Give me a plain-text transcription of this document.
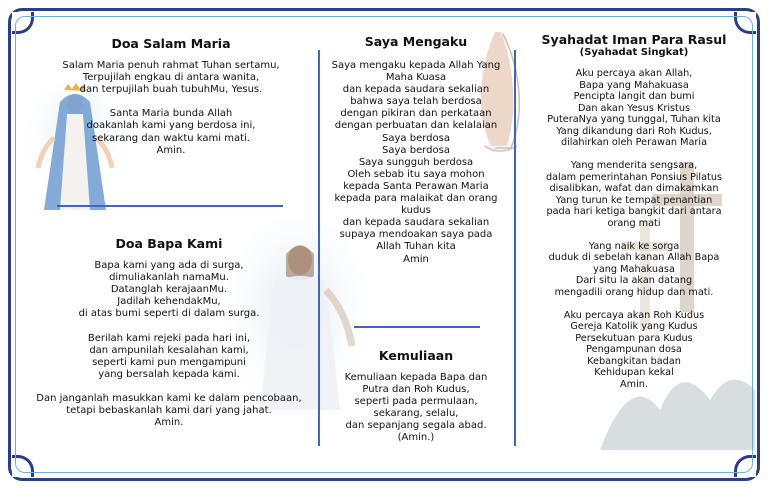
Doa Salam Maria
Salam Maria penuh rahmat Tuhan sertamu,
Terpujilah engkau di antara wanita,
dan terpujilah buah tubuhMu, Yesus.

Santa Maria bunda Allah
doakanlah kami yang berdosa ini,
sekarang dan waktu kami mati.
Amin.
Doa Bapa Kami
Bapa kami yang ada di surga,
dimuliakanlah namaMu.
Datanglah kerajaanMu.
Jadilah kehendakMu,
di atas bumi seperti di dalam surga.

Berilah kami rejeki pada hari ini,
dan ampunilah kesalahan kami,
seperti kami pun mengampuni
yang bersalah kepada kami.

Dan janganlah masukkan kami ke dalam pencobaan,
tetapi bebaskanlah kami dari yang jahat.
Amin.
Saya Mengaku
Saya mengaku kepada Allah Yang
Maha Kuasa
dan kepada saudara sekalian
bahwa saya telah berdosa
dengan pikiran dan perkataan
dengan perbuatan dan kelalaian
Saya berdosa
Saya berdosa
Saya sungguh berdosa
Oleh sebab itu saya mohon
kepada Santa Perawan Maria
kepada para malaikat dan orang
kudus
dan kepada saudara sekalian
supaya mendoakan saya pada
Allah Tuhan kita
Amin
Kemuliaan
Kemuliaan kepada Bapa dan
Putra dan Roh Kudus,
seperti pada permulaan,
sekarang, selalu,
dan sepanjang segala abad.
(Amin.)
Syahadat Iman Para Rasul
(Syahadat Singkat)
Aku percaya akan Allah,
Bapa yang Mahakuasa
Pencipta langit dan bumi
Dan akan Yesus Kristus
PuteraNya yang tunggal, Tuhan kita
Yang dikandung dari Roh Kudus,
dilahirkan oleh Perawan Maria

Yang menderita sengsara,
dalam pemerintahan Ponsius Pilatus
disalibkan, wafat dan dimakamkan
Yang turun ke tempat penantian
pada hari ketiga bangkit dari antara
orang mati

Yang naik ke sorga
duduk di sebelah kanan Allah Bapa
yang Mahakuasa
Dari situ la akan datang
mengadili orang hidup dan mati.

Aku percaya akan Roh Kudus
Gereja Katolik yang Kudus
Persekutuan para Kudus
Pengampunan dosa
Kebangkitan badan
Kehidupan kekal
Amin.
